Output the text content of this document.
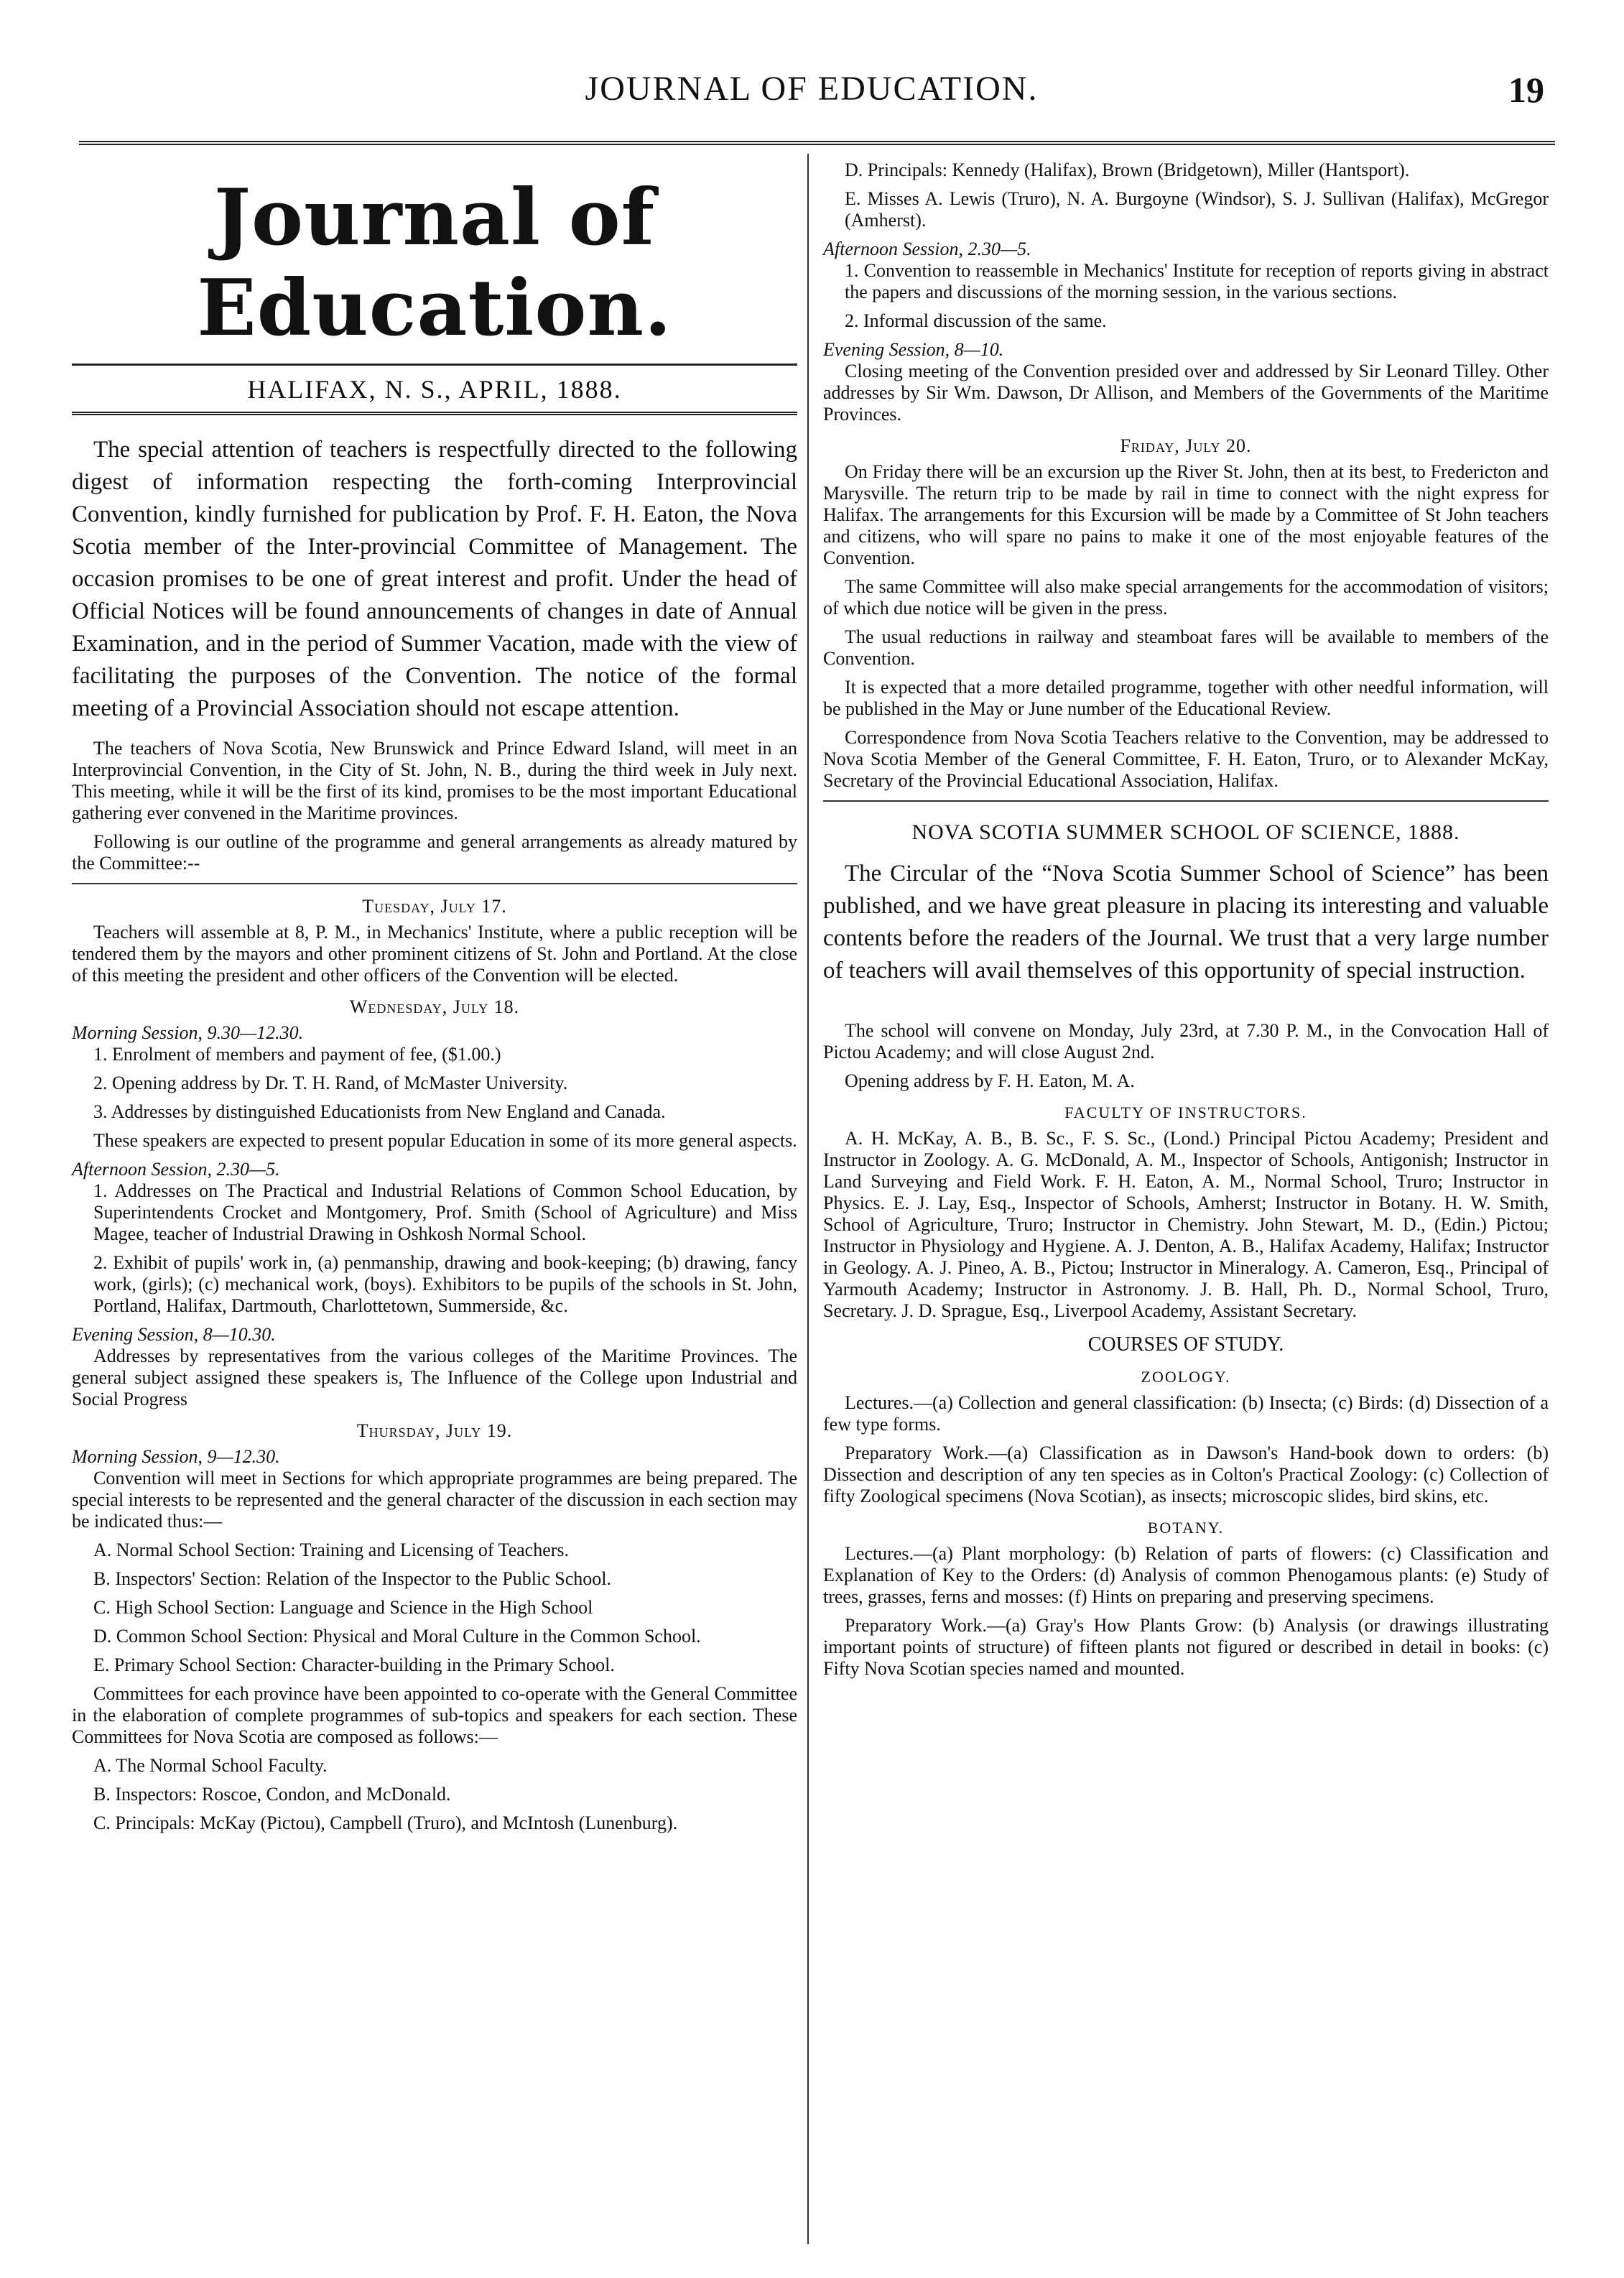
JOURNAL OF EDUCATION.	19
Journal of Education.
HALIFAX, N. S., APRIL, 1888.

The special attention of teachers is respectfully directed to the following digest of information respecting the forth-coming Interprovincial Convention, kindly furnished for publication by Prof. F. H. Eaton, the Nova Scotia member of the Inter-provincial Committee of Management. The occasion promises to be one of great interest and profit. Under the head of Official Notices will be found announcements of changes in date of Annual Examination, and in the period of Summer Vacation, made with the view of facilitating the purposes of the Convention. The notice of the formal meeting of a Provincial Association should not escape attention.

The teachers of Nova Scotia, New Brunswick and Prince Edward Island, will meet in an Interprovincial Convention, in the City of St. John, N. B., during the third week in July next. This meeting, while it will be the first of its kind, promises to be the most important Educational gathering ever convened in the Maritime provinces.

Following is our outline of the programme and general arrangements as already matured by the Committee:--

Tuesday, July 17.

Teachers will assemble at 8, P. M., in Mechanics' Institute, where a public reception will be tendered them by the mayors and other prominent citizens of St. John and Portland. At the close of this meeting the president and other officers of the Convention will be elected.

Wednesday, July 18.
Morning Session, 9.30—12.30.

1. Enrolment of members and payment of fee, ($1.00.)

2. Opening address by Dr. T. H. Rand, of McMaster University.

3. Addresses by distinguished Educationists from New England and Canada.

These speakers are expected to present popular Education in some of its more general aspects.

Afternoon Session, 2.30—5.

1. Addresses on The Practical and Industrial Relations of Common School Education, by Superintendents Crocket and Montgomery, Prof. Smith (School of Agriculture) and Miss Magee, teacher of Industrial Drawing in Oshkosh Normal School.

2. Exhibit of pupils' work in, (a) penmanship, drawing and book-keeping; (b) drawing, fancy work, (girls); (c) mechanical work, (boys). Exhibitors to be pupils of the schools in St. John, Portland, Halifax, Dartmouth, Charlottetown, Summerside, &c.

Evening Session, 8—10.30.

Addresses by representatives from the various colleges of the Maritime Provinces. The general subject assigned these speakers is, The Influence of the College upon Industrial and Social Progress

Thursday, July 19.
Morning Session, 9—12.30.

Convention will meet in Sections for which appropriate programmes are being prepared. The special interests to be represented and the general character of the discussion in each section may be indicated thus:—

A. Normal School Section: Training and Licensing of Teachers.

B. Inspectors' Section: Relation of the Inspector to the Public School.

C. High School Section: Language and Science in the High School

D. Common School Section: Physical and Moral Culture in the Common School.

E. Primary School Section: Character-building in the Primary School.

Committees for each province have been appointed to co-operate with the General Committee in the elaboration of complete programmes of sub-topics and speakers for each section. These Committees for Nova Scotia are composed as follows:—

A. The Normal School Faculty.

B. Inspectors: Roscoe, Condon, and McDonald.

C. Principals: McKay (Pictou), Campbell (Truro), and McIntosh (Lunenburg).

D. Principals: Kennedy (Halifax), Brown (Bridgetown), Miller (Hantsport).

E. Misses A. Lewis (Truro), N. A. Burgoyne (Windsor), S. J. Sullivan (Halifax), McGregor (Amherst).

Afternoon Session, 2.30—5.

1. Convention to reassemble in Mechanics' Institute for reception of reports giving in abstract the papers and discussions of the morning session, in the various sections.

2. Informal discussion of the same.

Evening Session, 8—10.

Closing meeting of the Convention presided over and addressed by Sir Leonard Tilley. Other addresses by Sir Wm. Dawson, Dr Allison, and Members of the Governments of the Maritime Provinces.

Friday, July 20.

On Friday there will be an excursion up the River St. John, then at its best, to Fredericton and Marysville. The return trip to be made by rail in time to connect with the night express for Halifax. The arrangements for this Excursion will be made by a Committee of St John teachers and citizens, who will spare no pains to make it one of the most enjoyable features of the Convention.

The same Committee will also make special arrangements for the accommodation of visitors; of which due notice will be given in the press.

The usual reductions in railway and steamboat fares will be available to members of the Convention.

It is expected that a more detailed programme, together with other needful information, will be published in the May or June number of the Educational Review.

Correspondence from Nova Scotia Teachers relative to the Convention, may be addressed to Nova Scotia Member of the General Committee, F. H. Eaton, Truro, or to Alexander McKay, Secretary of the Provincial Educational Association, Halifax.

NOVA SCOTIA SUMMER SCHOOL OF SCIENCE, 1888.

The Circular of the “Nova Scotia Summer School of Science” has been published, and we have great pleasure in placing its interesting and valuable contents before the readers of the Journal. We trust that a very large number of teachers will avail themselves of this opportunity of special instruction.

The school will convene on Monday, July 23rd, at 7.30 P. M., in the Convocation Hall of Pictou Academy; and will close August 2nd.

Opening address by F. H. Eaton, M. A.

FACULTY OF INSTRUCTORS.

A. H. McKay, A. B., B. Sc., F. S. Sc., (Lond.) Principal Pictou Academy; President and Instructor in Zoology. A. G. McDonald, A. M., Inspector of Schools, Antigonish; Instructor in Land Surveying and Field Work. F. H. Eaton, A. M., Normal School, Truro; Instructor in Physics. E. J. Lay, Esq., Inspector of Schools, Amherst; Instructor in Botany. H. W. Smith, School of Agriculture, Truro; Instructor in Chemistry. John Stewart, M. D., (Edin.) Pictou; Instructor in Physiology and Hygiene. A. J. Denton, A. B., Halifax Academy, Halifax; Instructor in Geology. A. J. Pineo, A. B., Pictou; Instructor in Mineralogy. A. Cameron, Esq., Principal of Yarmouth Academy; Instructor in Astronomy. J. B. Hall, Ph. D., Normal School, Truro, Secretary. J. D. Sprague, Esq., Liverpool Academy, Assistant Secretary.

COURSES OF STUDY.
ZOOLOGY.

Lectures.—(a) Collection and general classification: (b) Insecta; (c) Birds: (d) Dissection of a few type forms.

Preparatory Work.—(a) Classification as in Dawson's Hand-book down to orders: (b) Dissection and description of any ten species as in Colton's Practical Zoology: (c) Collection of fifty Zoological specimens (Nova Scotian), as insects; microscopic slides, bird skins, etc.

BOTANY.

Lectures.—(a) Plant morphology: (b) Relation of parts of flowers: (c) Classification and Explanation of Key to the Orders: (d) Analysis of common Phenogamous plants: (e) Study of trees, grasses, ferns and mosses: (f) Hints on preparing and preserving specimens.

Preparatory Work.—(a) Gray's How Plants Grow: (b) Analysis (or drawings illustrating important points of structure) of fifteen plants not figured or described in detail in books: (c) Fifty Nova Scotian species named and mounted.
